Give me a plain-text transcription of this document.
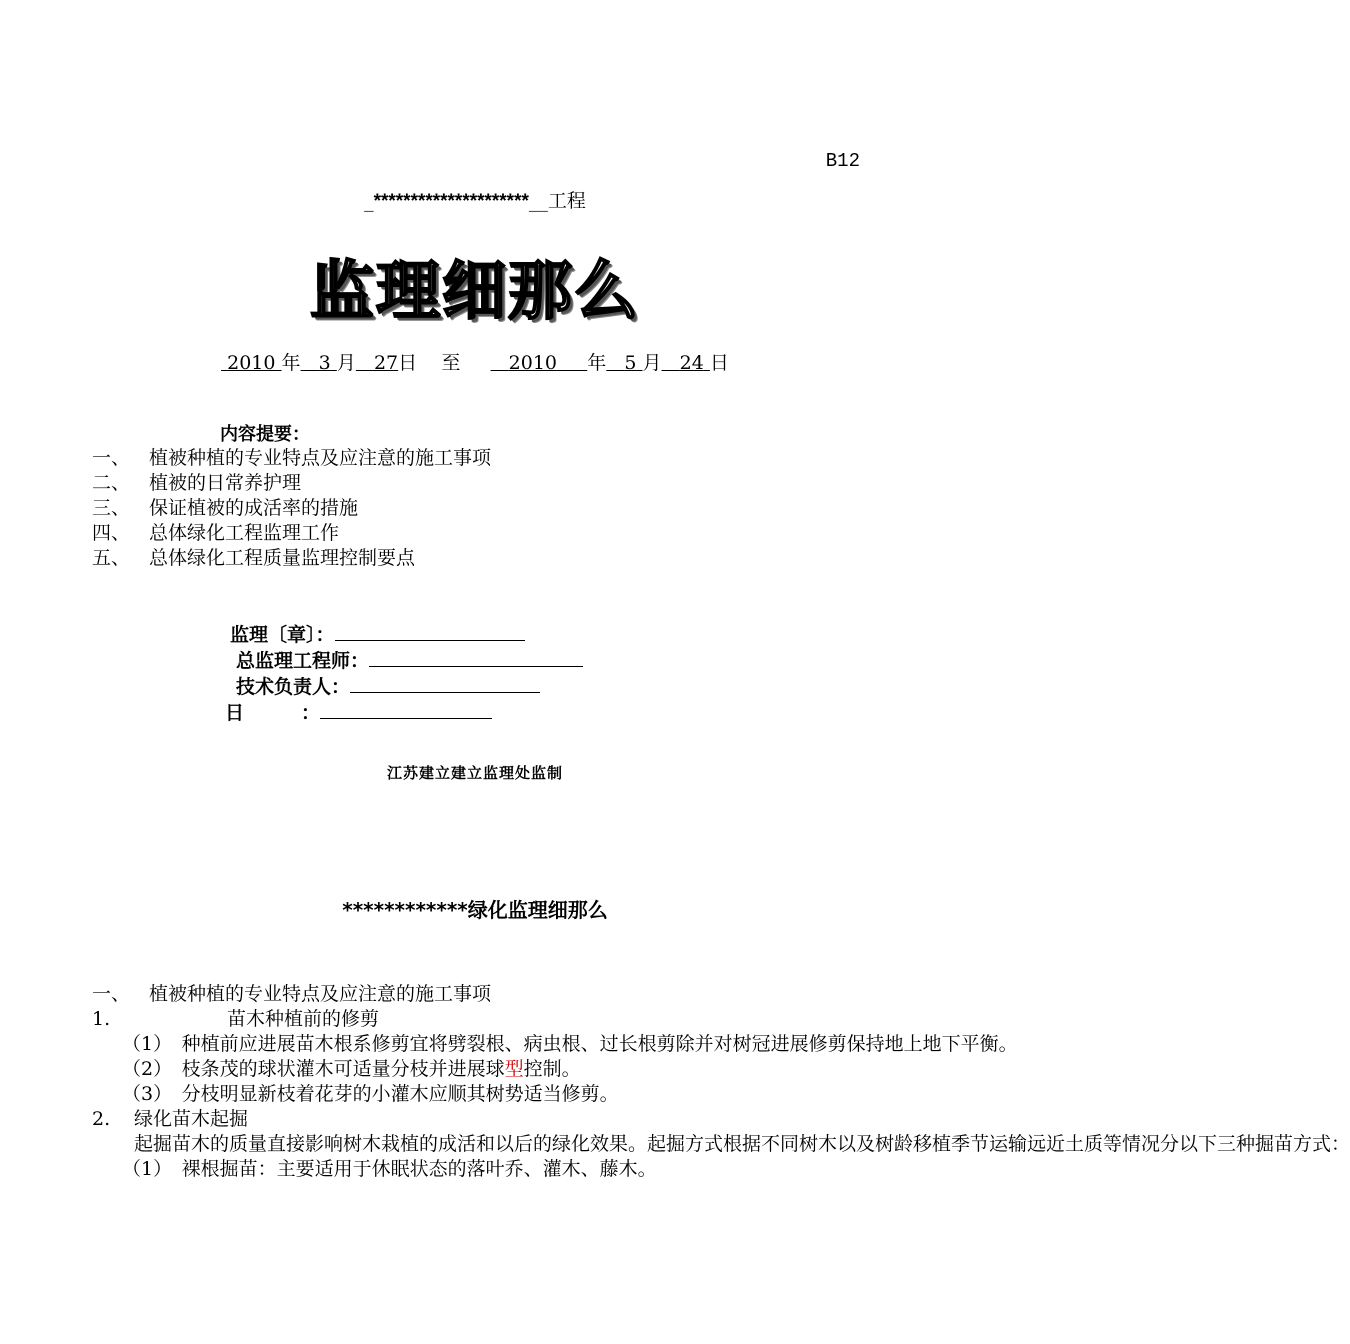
B12
_*********************__工程
监理细那么
2010 年 3 月 27日 至	2010 年 5 月 24 日
内容提要：
一、 植被种植的专业特点及应注意的施工事项
二、 植被的日常养护理
三、 保证植被的成活率的措施
四、 总体绿化工程监理工作
五、 总体绿化工程质量监理控制要点
监理〔章〕：
总监理工程师：
技术负责人：
日　　　：
江苏建立建立监理处监制
************绿化监理细那么

一、 植被种植的专业特点及应注意的施工事项

1.	苗木种植前的修剪

（1）　种植前应进展苗木根系修剪宜将劈裂根、病虫根、过长根剪除并对树冠进展修剪保持地上地下平衡。

（2）　枝条茂的球状灌木可适量分枝并进展球型控制。

（3）　分枝明显新枝着花芽的小灌木应顺其树势适当修剪。

2. 绿化苗木起掘

起掘苗木的质量直接影响树木栽植的成活和以后的绿化效果。起掘方式根据不同树木以及树龄移植季节运输远近土质等情况分以下三种掘苗方式：

（1）　裸根掘苗：主要适用于休眠状态的落叶乔、灌木、藤木。
